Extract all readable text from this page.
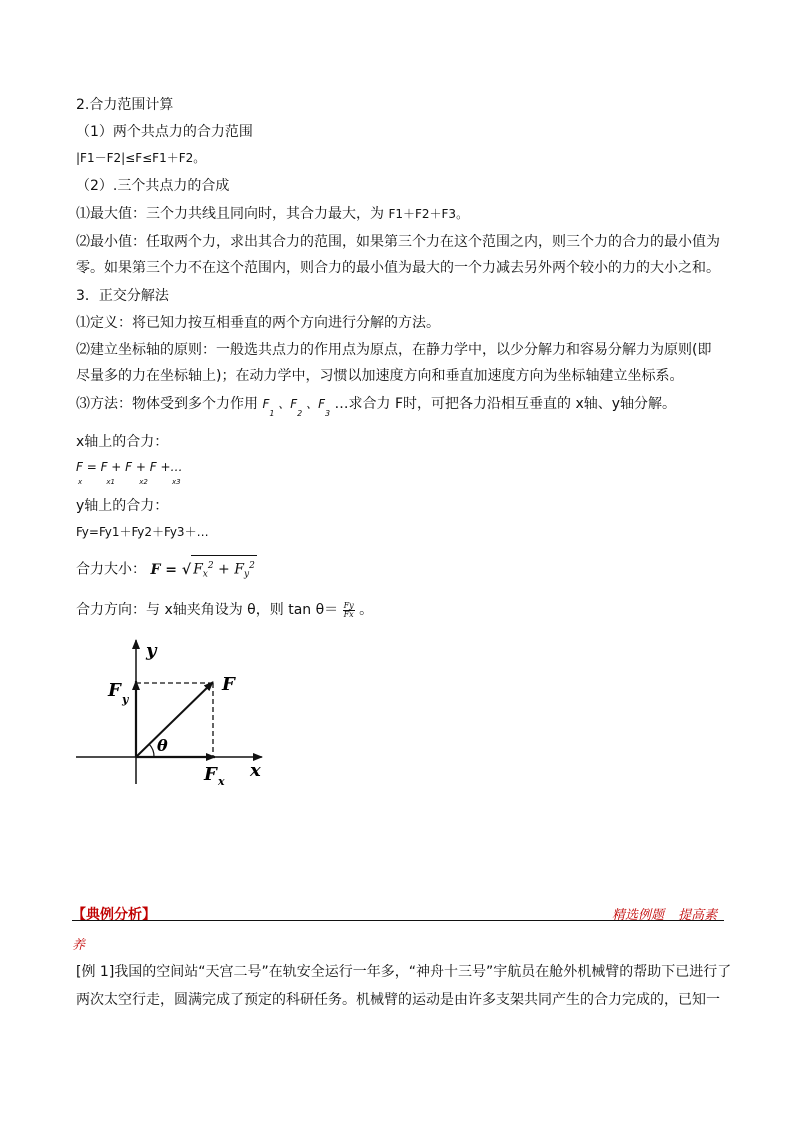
2.合力范围计算
（1）两个共点力的合力范围
|F1－F2|≤F≤F1＋F2。
（2）.三个共点力的合成
⑴最大值：三个力共线且同向时，其合力最大，为 F1＋F2＋F3。
⑵最小值：任取两个力，求出其合力的范围，如果第三个力在这个范围之内，则三个力的合力的最小值为
零。如果第三个力不在这个范围内，则合力的最小值为最大的一个力减去另外两个较小的力的大小之和。
3．正交分解法
⑴定义：将已知力按互相垂直的两个方向进行分解的方法。
⑵建立坐标轴的原则：一般选共点力的作用点为原点，在静力学中，以少分解力和容易分解力为原则(即
尽量多的力在坐标轴上)；在动力学中，习惯以加速度方向和垂直加速度方向为坐标轴建立坐标系。
⑶方法：物体受到多个力作用 $F_1$ 、$F_2$ 、$F_3$ …求合力 F时，可把各力沿相互垂直的 x轴、y轴分解。
x轴上的合力：
F = F + F + F +…
x x1 x2 x3
y轴上的合力：
Fy=Fy1＋Fy2＋Fy3＋…
合力大小： F = √ $F_x^2 + F_y^2$
合力方向：与 x轴夹角设为 θ，则 $\tan \theta= \frac{Fy}{Fx}$ 。
y
x
F
F y
F x
θ
【典例分析】	精选例题 提高素
养
[例 1]我国的空间站“天宫二号”在轨安全运行一年多，“神舟十三号”宇航员在舱外机械臂的帮助下已进行了
两次太空行走，圆满完成了预定的科研任务。机械臂的运动是由许多支架共同产生的合力完成的，已知一
